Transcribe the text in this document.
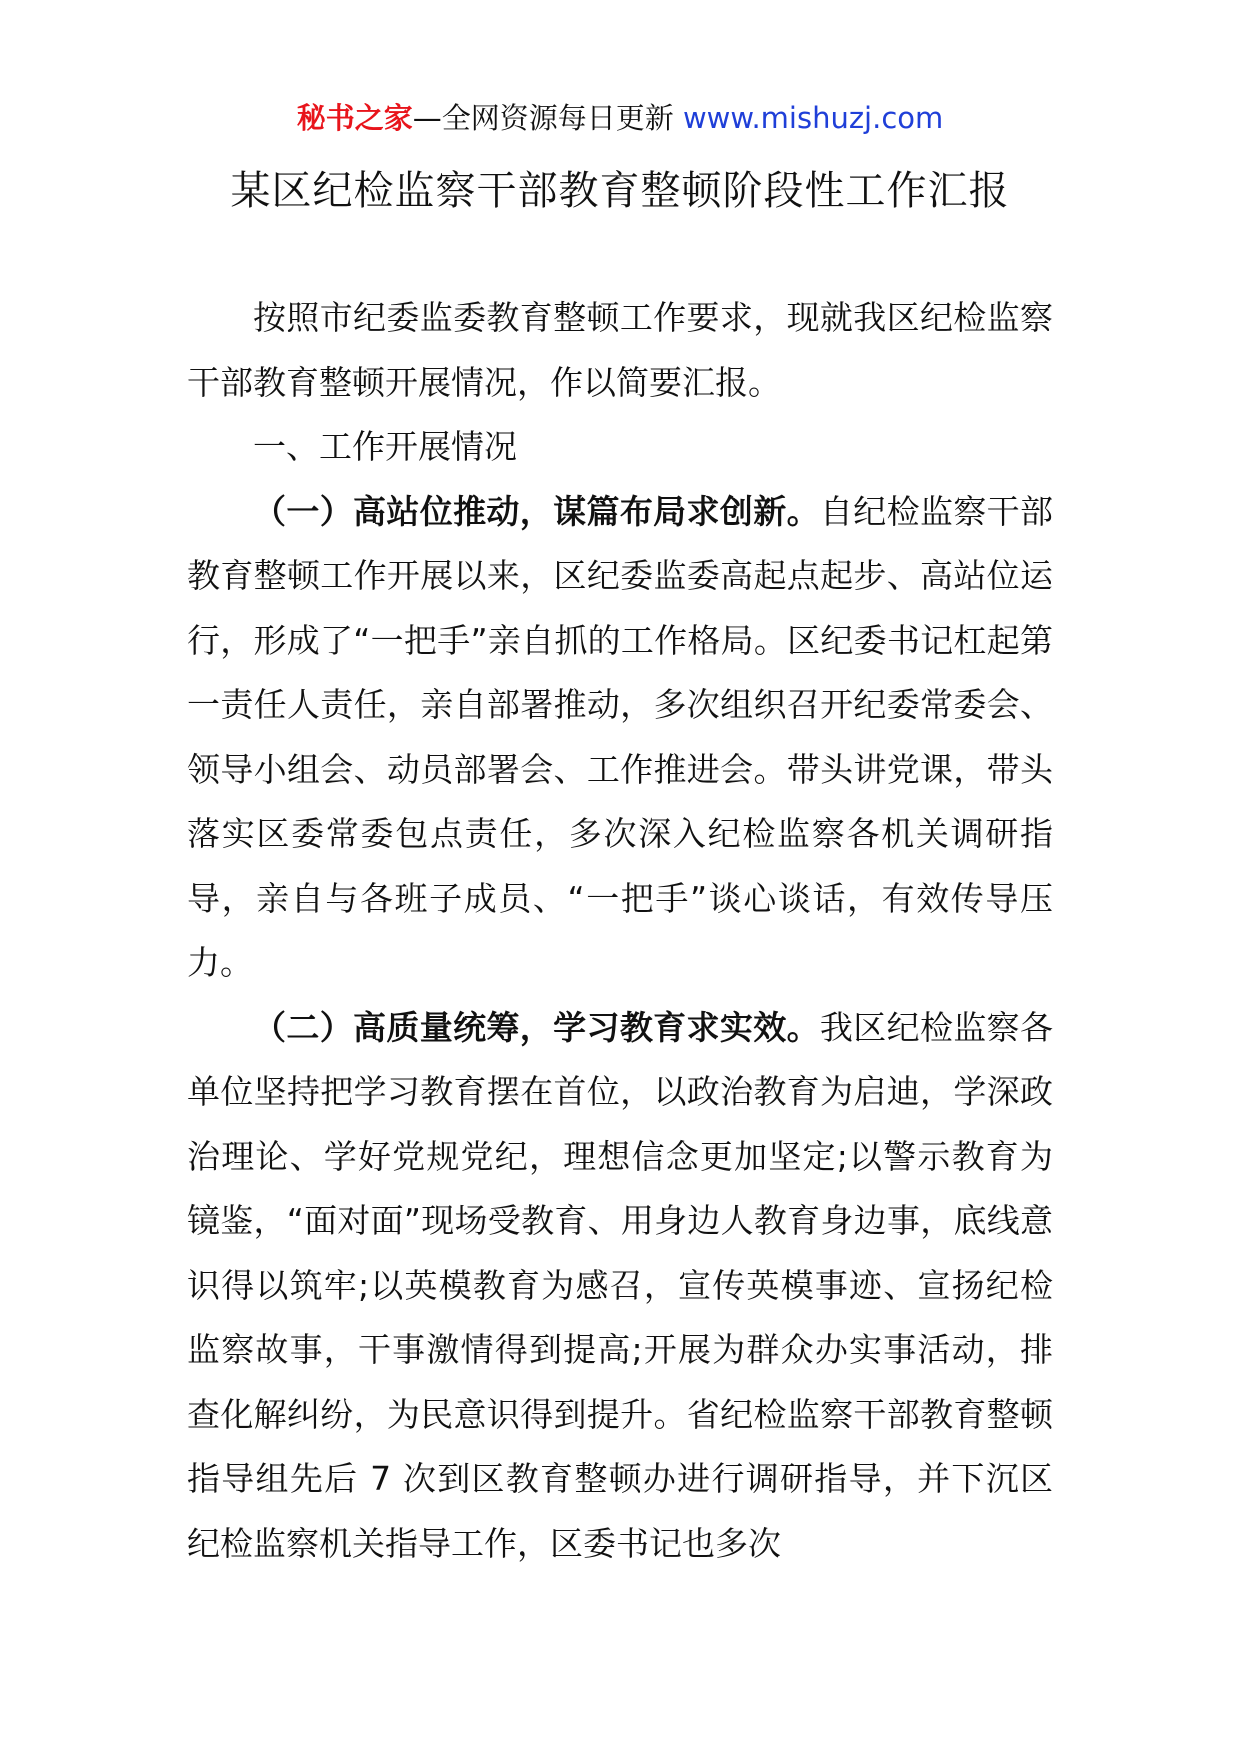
秘书之家—全网资源每日更新 www.mishuzj.com
某区纪检监察干部教育整顿阶段性工作汇报

按照市纪委监委教育整顿工作要求，现就我区纪检监察干部教育整顿开展情况，作以简要汇报。

一、工作开展情况

（一）高站位推动，谋篇布局求创新。自纪检监察干部教育整顿工作开展以来，区纪委监委高起点起步、高站位运行，形成了“一把手”亲自抓的工作格局。区纪委书记杠起第一责任人责任，亲自部署推动，多次组织召开纪委常委会、领导小组会、动员部署会、工作推进会。带头讲党课，带头落实区委常委包点责任，多次深入纪检监察各机关调研指导，亲自与各班子成员、“一把手”谈心谈话，有效传导压力。

（二）高质量统筹，学习教育求实效。我区纪检监察各单位坚持把学习教育摆在首位，以政治教育为启迪，学深政治理论、学好党规党纪，理想信念更加坚定;以警示教育为镜鉴，“面对面”现场受教育、用身边人教育身边事，底线意识得以筑牢;以英模教育为感召，宣传英模事迹、宣扬纪检监察故事，干事激情得到提高;开展为群众办实事活动，排查化解纠纷，为民意识得到提升。省纪检监察干部教育整顿指导组先后 7 次到区教育整顿办进行调研指导，并下沉区纪检监察机关指导工作，区委书记也多次
